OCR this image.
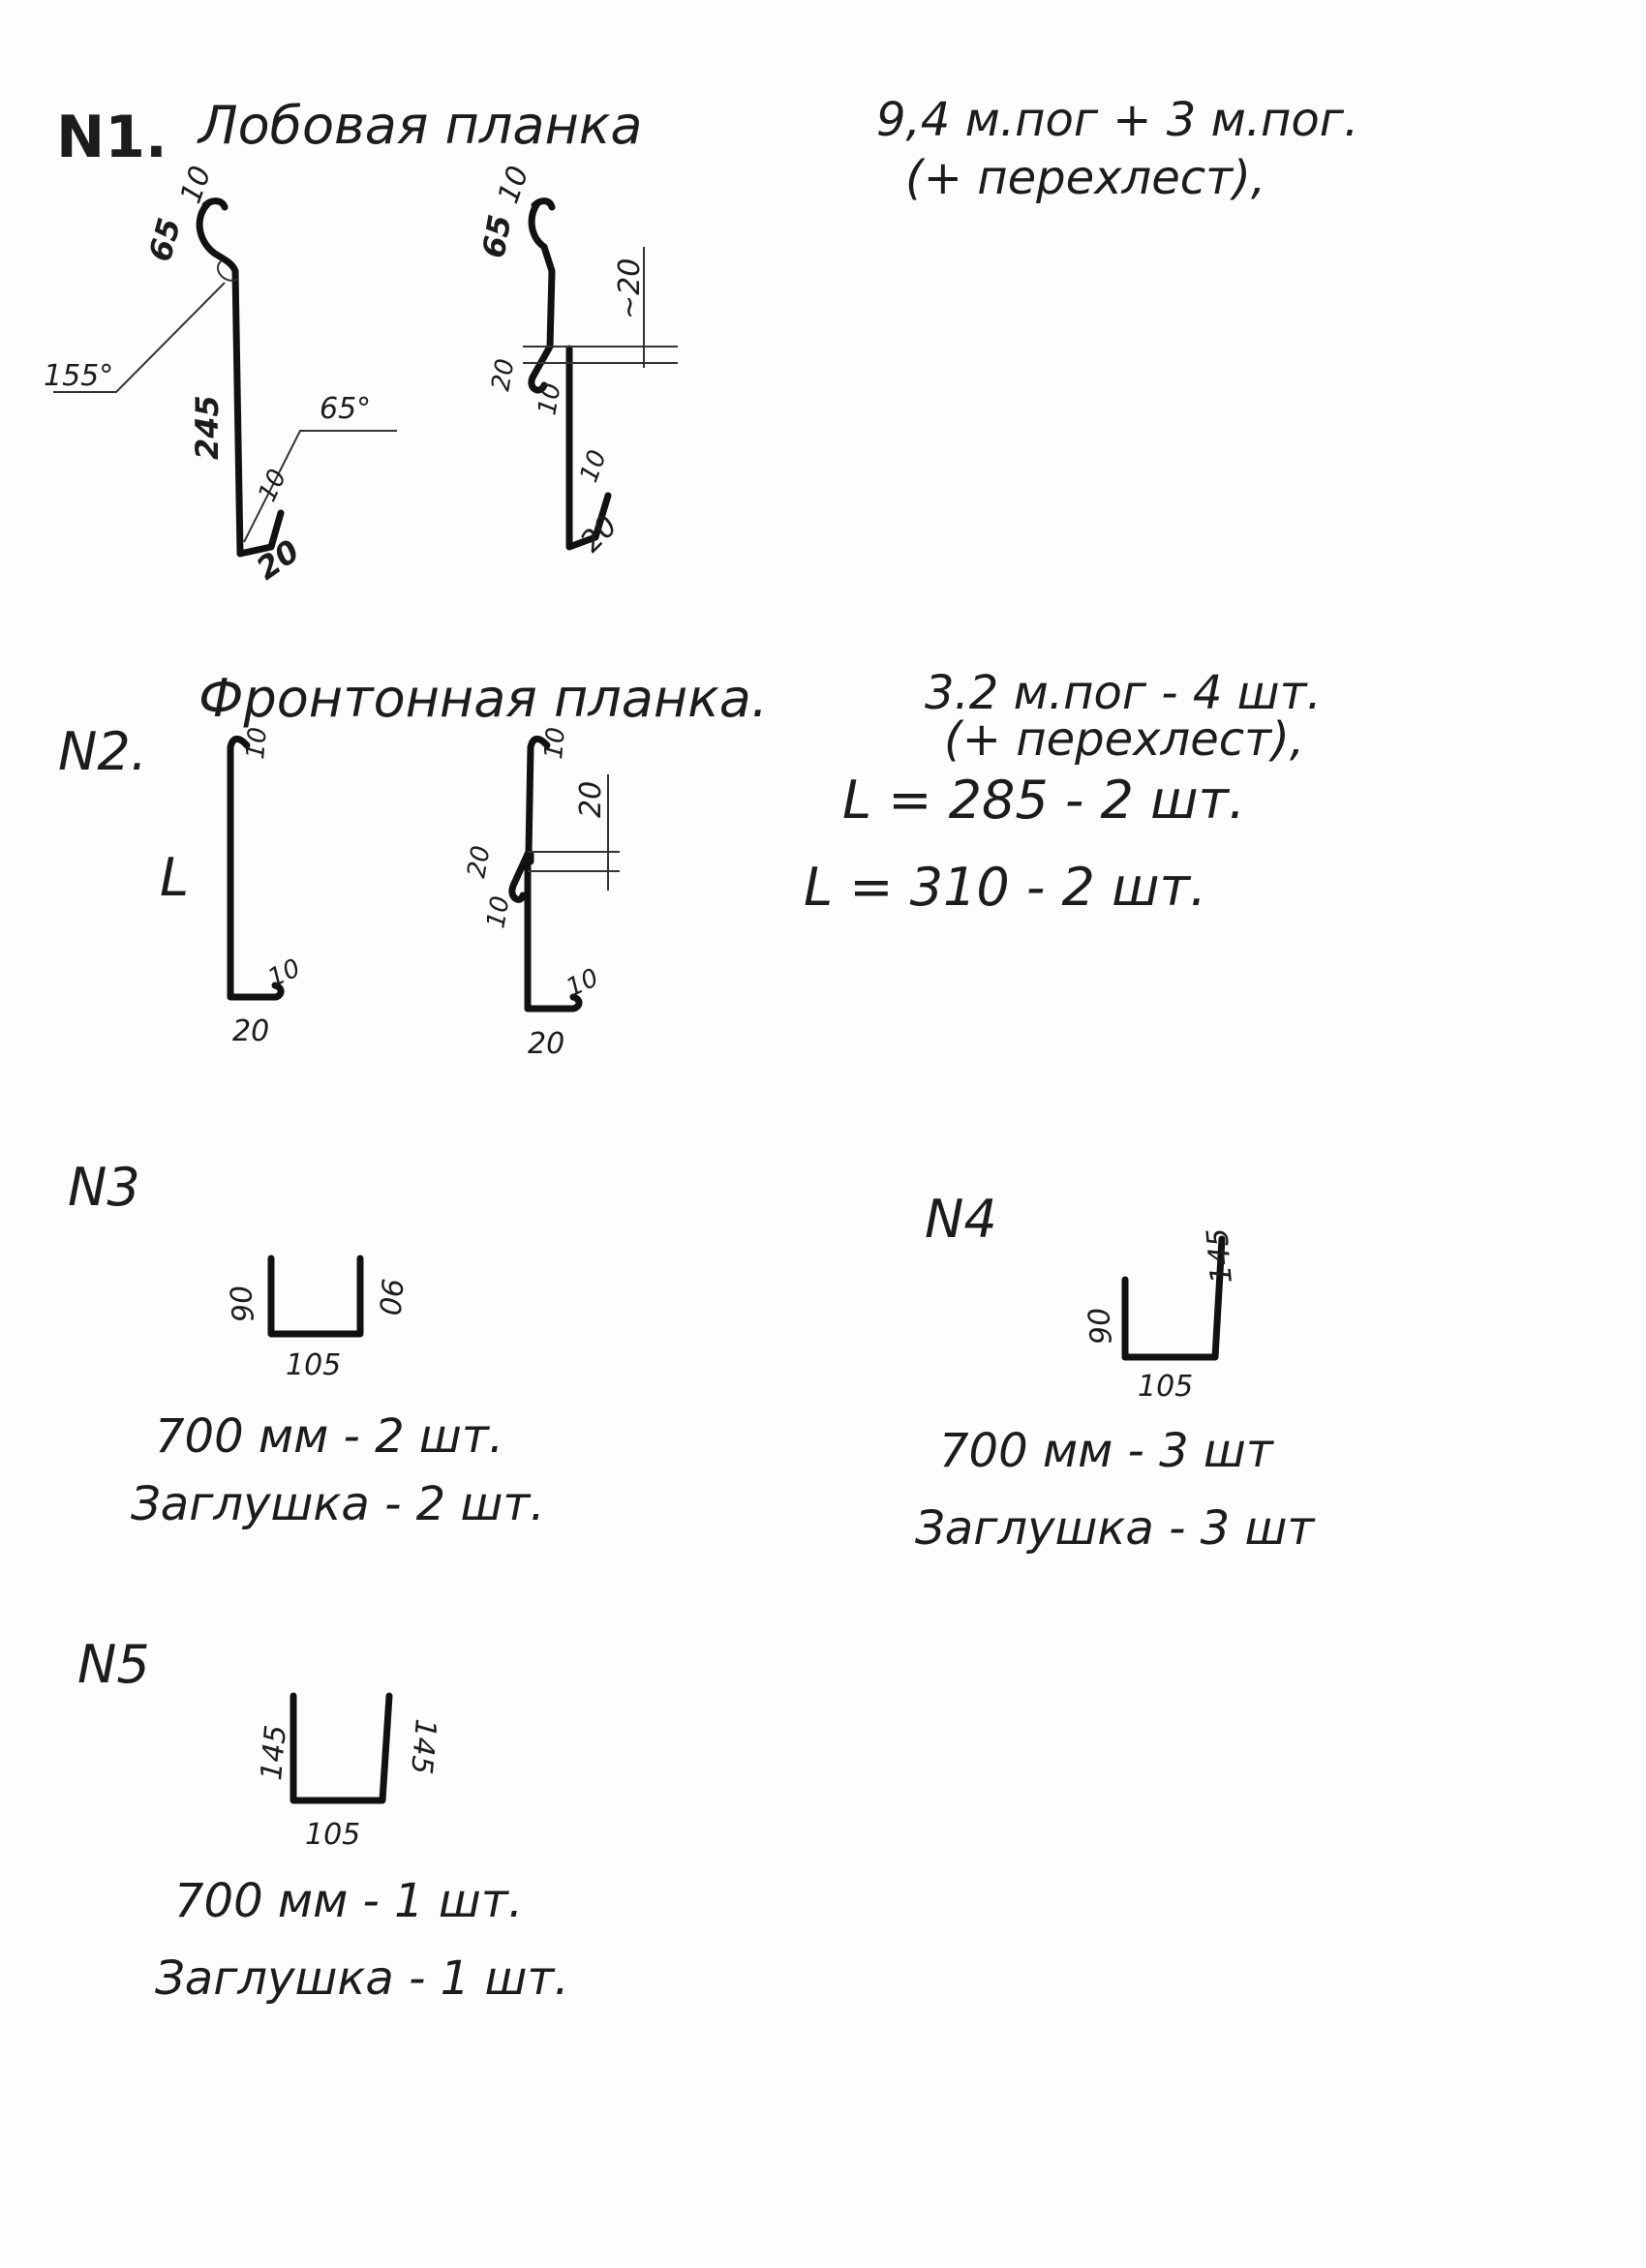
N1. Лобовая планка	9,4 м.пог + 3 м.пог.
(+ перехлест),
10
65
245
155°
65°
10
20
10
65
~20
20
10
10
20
Фронтонная планка.
N2.
3.2 м.пог - 4 шт.
(+ перехлест),
L = 285 - 2 шт.
L = 310 - 2 шт.
10
L
10
20
10
20
20
10
10
20
N3
90	90
105
700 мм - 2 шт.
Заглушка - 2 шт.
N4
90
145
105
700 мм - 3 шт
Заглушка - 3 шт
N5
145	145
105
700 мм - 1 шт.
Заглушка - 1 шт.
